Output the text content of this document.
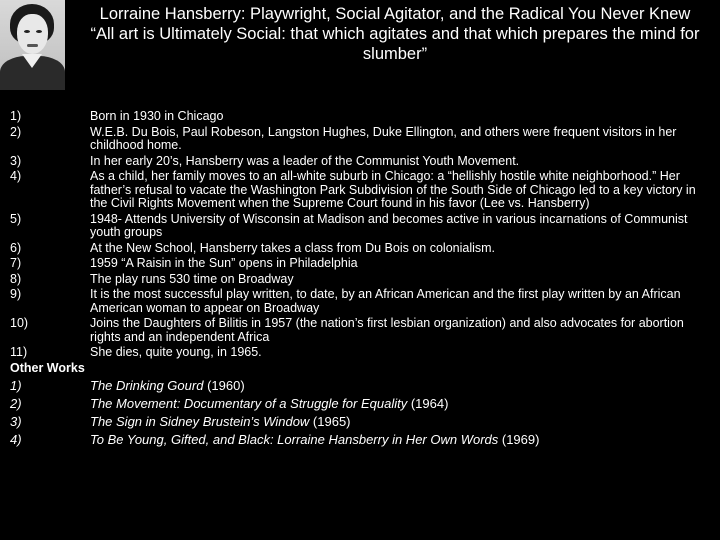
Lorraine Hansberry: Playwright, Social Agitator, and the Radical You Never Knew
“All art is Ultimately Social: that which agitates and that which prepares the mind for slumber”
1)	Born in 1930 in Chicago
2)	W.E.B. Du Bois, Paul Robeson, Langston Hughes, Duke Ellington, and others were frequent visitors in her childhood home.
3)	In her early 20’s, Hansberry was a leader of the Communist Youth Movement.
4)	As a child, her family moves to an all-white suburb in Chicago: a “hellishly hostile white neighborhood.” Her father’s refusal to vacate the Washington Park Subdivision of the South Side of Chicago led to a key victory in the Civil Rights Movement when the Supreme Court found in his favor (Lee vs. Hansberry)
5)	1948- Attends University of Wisconsin at Madison and becomes active in various incarnations of Communist youth groups
6)	At the New School, Hansberry takes a class from Du Bois on colonialism.
7)	1959 “A Raisin in the Sun” opens in Philadelphia
8)	The play runs 530 time on Broadway
9)	It is the most successful play written, to date, by an African American and the first play written by an African American woman to appear on Broadway
10)	Joins the Daughters of Bilitis in 1957 (the nation’s first lesbian organization) and also advocates for abortion rights and an independent Africa
11)	She dies, quite young, in 1965.
Other Works
1)	The Drinking Gourd (1960)
2)	The Movement: Documentary of a Struggle for Equality (1964)
3)	The Sign in Sidney Brustein’s Window (1965)
4)	To Be Young, Gifted, and Black: Lorraine Hansberry in Her Own Words (1969)
